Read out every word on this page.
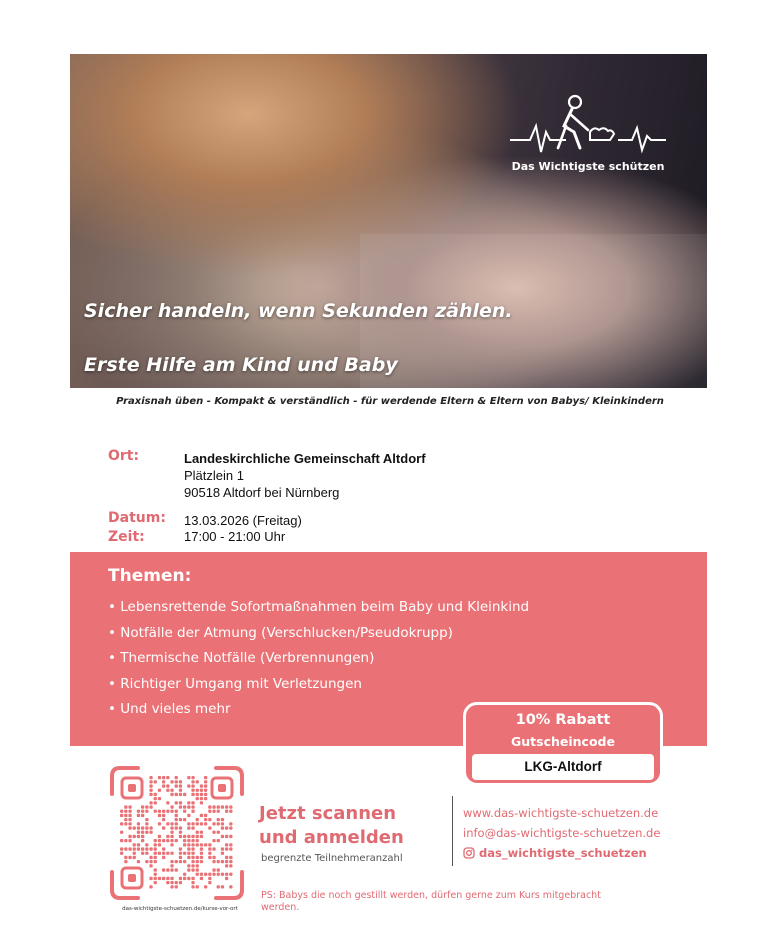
Das Wichtigste schützen
Sicher handeln, wenn Sekunden zählen.
Erste Hilfe am Kind und Baby
Praxisnah üben - Kompakt & verständlich - für werdende Eltern & Eltern von Babys/ Kleinkindern
Ort:	Landeskirchliche Gemeinschaft Altdorf
Plätzlein 1
90518 Altdorf bei Nürnberg
Datum: 13.03.2026 (Freitag)
Zeit:	17:00 - 21:00 Uhr
Themen:
• Lebensrettende Sofortmaßnahmen beim Baby und Kleinkind
• Notfälle der Atmung (Verschlucken/Pseudokrupp)
• Thermische Notfälle (Verbrennungen)
• Richtiger Umgang mit Verletzungen
• Und vieles mehr
10% Rabatt
Gutscheincode
LKG-Altdorf
das-wichtigste-schuetzen.de/kurse-vor-ort
Jetzt scannen
und anmelden
begrenzte Teilnehmeranzahl
www.das-wichtigste-schuetzen.de
info@das-wichtigste-schuetzen.de
das_wichtigste_schuetzen
PS: Babys die noch gestillt werden, dürfen gerne zum Kurs mitgebracht werden.
